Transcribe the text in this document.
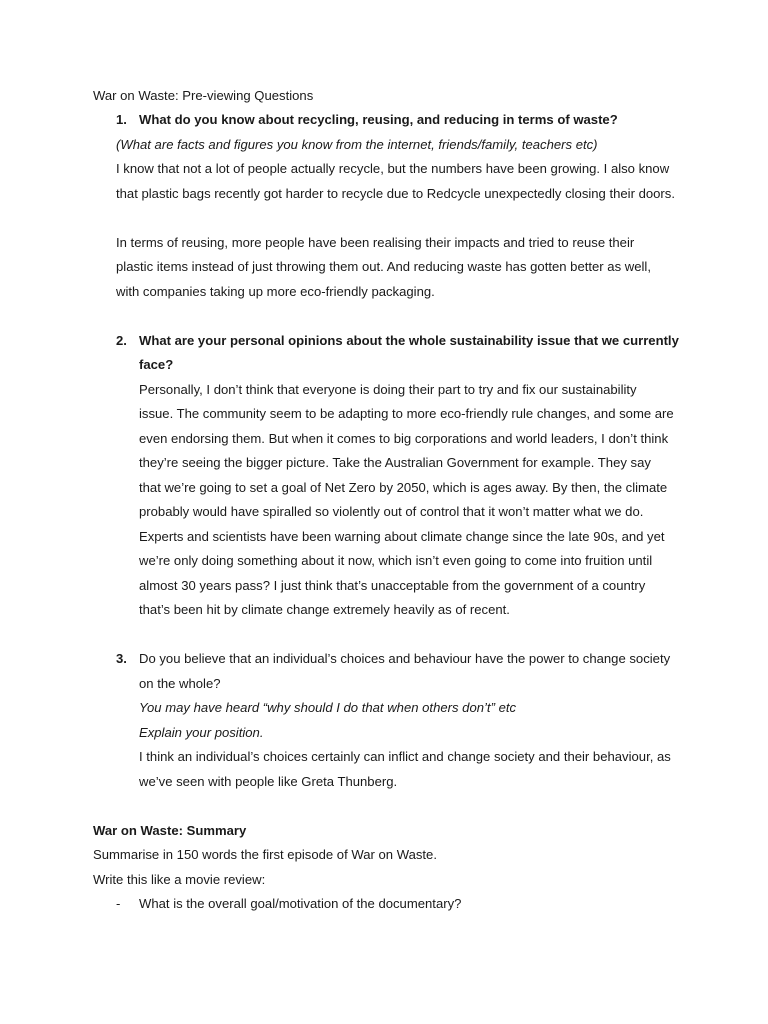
War on Waste: Pre-viewing Questions
1. What do you know about recycling, reusing, and reducing in terms of waste?
(What are facts and figures you know from the internet, friends/family, teachers etc)
I know that not a lot of people actually recycle, but the numbers have been growing. I also know
that plastic bags recently got harder to recycle due to Redcycle unexpectedly closing their doors.
In terms of reusing, more people have been realising their impacts and tried to reuse their
plastic items instead of just throwing them out. And reducing waste has gotten better as well,
with companies taking up more eco-friendly packaging.
2. What are your personal opinions about the whole sustainability issue that we currently
face?
Personally, I don’t think that everyone is doing their part to try and fix our sustainability
issue. The community seem to be adapting to more eco-friendly rule changes, and some are
even endorsing them. But when it comes to big corporations and world leaders, I don’t think
they’re seeing the bigger picture. Take the Australian Government for example. They say
that we’re going to set a goal of Net Zero by 2050, which is ages away. By then, the climate
probably would have spiralled so violently out of control that it won’t matter what we do.
Experts and scientists have been warning about climate change since the late 90s, and yet
we’re only doing something about it now, which isn’t even going to come into fruition until
almost 30 years pass? I just think that’s unacceptable from the government of a country
that’s been hit by climate change extremely heavily as of recent.
3. Do you believe that an individual’s choices and behaviour have the power to change society
on the whole?
You may have heard “why should I do that when others don’t” etc
Explain your position.
I think an individual’s choices certainly can inflict and change society and their behaviour, as
we’ve seen with people like Greta Thunberg.
War on Waste: Summary
Summarise in 150 words the first episode of War on Waste.
Write this like a movie review:
- What is the overall goal/motivation of the documentary?
